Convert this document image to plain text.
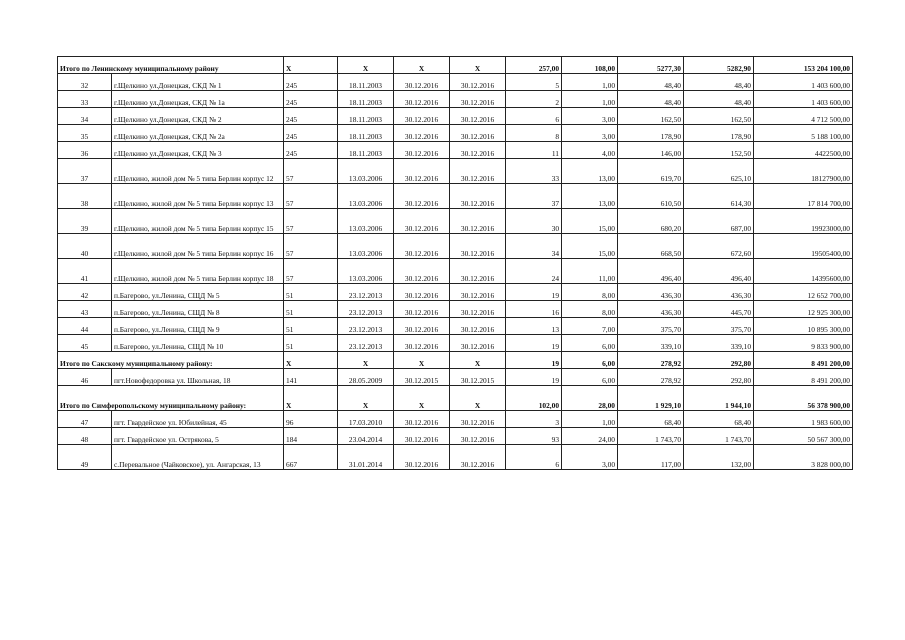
Итого по Ленинскому муниципальному району		Х	Х	Х	Х	257,00	108,00	5277,30	5282,90	153 204 100,00
32	г.Щелкино ул.Донецкая, СКД № 1	245	18.11.2003	30.12.2016	30.12.2016	5	1,00	48,40	48,40	1 403 600,00
33	г.Щелкино ул.Донецкая, СКД № 1а	245	18.11.2003	30.12.2016	30.12.2016	2	1,00	48,40	48,40	1 403 600,00
34	г.Щелкино ул.Донецкая, СКД № 2	245	18.11.2003	30.12.2016	30.12.2016	6	3,00	162,50	162,50	4 712 500,00
35	г.Щелкино ул.Донецкая, СКД № 2а	245	18.11.2003	30.12.2016	30.12.2016	8	3,00	178,90	178,90	5 188 100,00
36	г.Щелкино ул.Донецкая, СКД № 3	245	18.11.2003	30.12.2016	30.12.2016	11	4,00	146,00	152,50	4422500,00
37	г.Щелкино, жилой дом № 5 типа Берлин корпус 12	57	13.03.2006	30.12.2016	30.12.2016	33	13,00	619,70	625,10	18127900,00
38	г.Щелкино, жилой дом № 5 типа Берлин корпус 13	57	13.03.2006	30.12.2016	30.12.2016	37	13,00	610,50	614,30	17 814 700,00
39	г.Щелкино, жилой дом № 5 типа Берлин корпус 15	57	13.03.2006	30.12.2016	30.12.2016	30	15,00	680,20	687,00	19923000,00
40	г.Щелкино, жилой дом № 5 типа Берлин корпус 16	57	13.03.2006	30.12.2016	30.12.2016	34	15,00	668,50	672,60	19505400,00
41	г.Щелкино, жилой дом № 5 типа Берлин корпус 18	57	13.03.2006	30.12.2016	30.12.2016	24	11,00	496,40	496,40	14395600,00
42	п.Багерово, ул.Ленина, СЩД № 5	51	23.12.2013	30.12.2016	30.12.2016	19	8,00	436,30	436,30	12 652 700,00
43	п.Багерово, ул.Ленина, СЩД № 8	51	23.12.2013	30.12.2016	30.12.2016	16	8,00	436,30	445,70	12 925 300,00
44	п.Багерово, ул.Ленина, СЩД № 9	51	23.12.2013	30.12.2016	30.12.2016	13	7,00	375,70	375,70	10 895 300,00
45	п.Багерово, ул.Ленина, СЩД № 10	51	23.12.2013	30.12.2016	30.12.2016	19	6,00	339,10	339,10	9 833 900,00
Итого по Сакскому муниципальному району:		Х	Х	Х	Х	19	6,00	278,92	292,80	8 491 200,00
46	пгт.Новофедоровка ул. Школьная, 18	141	28.05.2009	30.12.2015	30.12.2015	19	6,00	278,92	292,80	8 491 200,00
Итого по Симферопольскому муниципальному району:		Х	Х	Х	Х	102,00	28,00	1 929,10	1 944,10	56 378 900,00
47	пгт. Гвардейское ул. Юбилейная, 45	96	17.03.2010	30.12.2016	30.12.2016	3	1,00	68,40	68,40	1 983 600,00
48	пгт. Гвардейское ул. Острякова, 5	184	23.04.2014	30.12.2016	30.12.2016	93	24,00	1 743,70	1 743,70	50 567 300,00
49	с.Перевальное (Чайковское), ул. Ангарская, 13	667	31.01.2014	30.12.2016	30.12.2016	6	3,00	117,00	132,00	3 828 000,00
